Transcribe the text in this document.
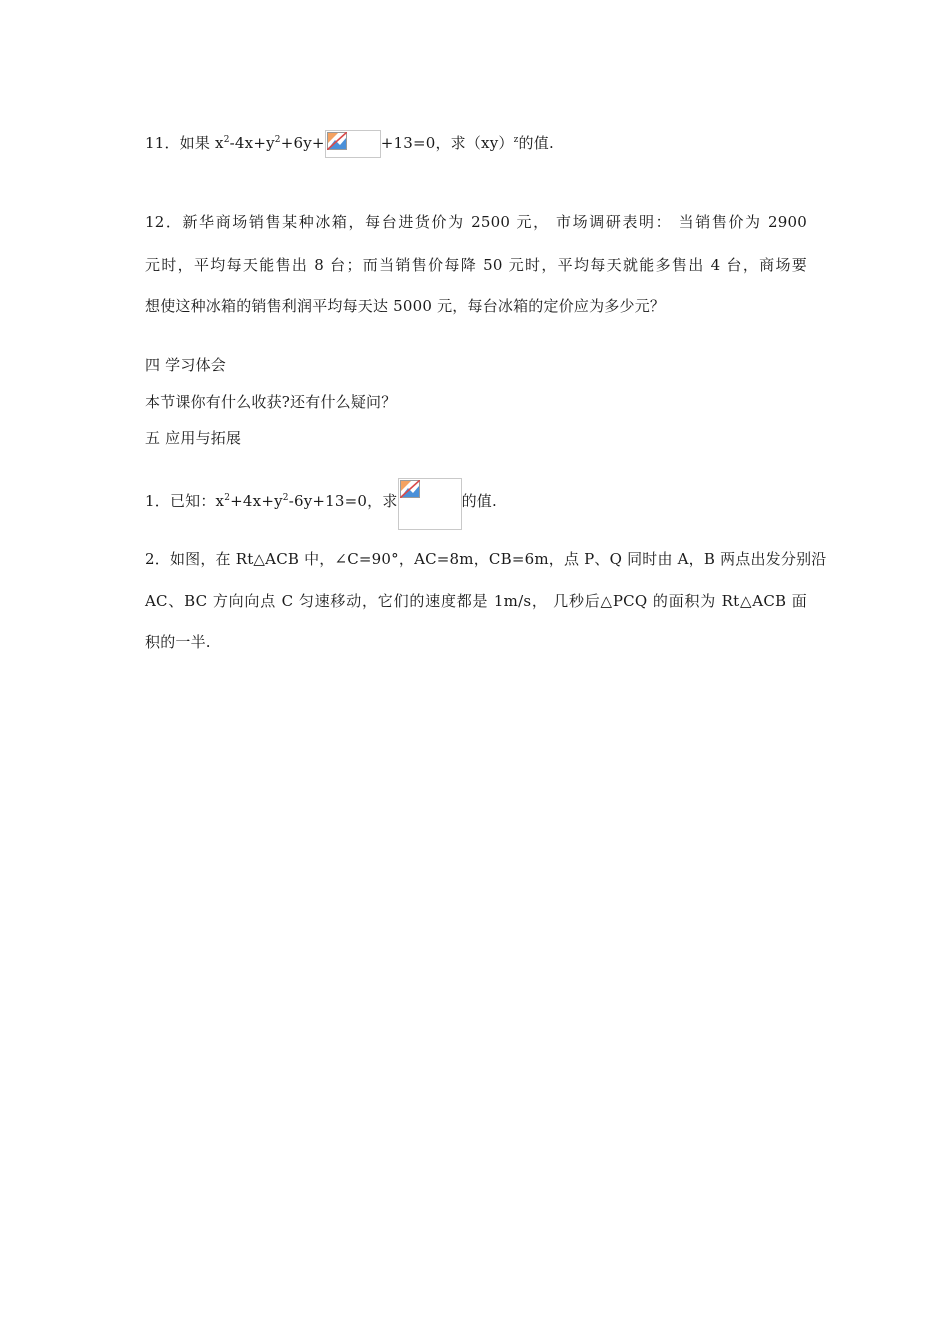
11．如果 $x^2-4x+y^2+6y+$	+13=0，求（xy）$^z$的值.
12．新华商场销售某种冰箱，每台进货价为 2500 元， 市场调研表明： 当销售价为 2900
元时，平均每天能售出 8 台；而当销售价每降 50 元时，平均每天就能多售出 4 台，商场要
想使这种冰箱的销售利润平均每天达 5000 元，每台冰箱的定价应为多少元？
四 学习体会
本节课你有什么收获?还有什么疑问？
五 应用与拓展
1．已知：$x^2+4x+y^2-6y+13=0$，求	的值.
2．如图，在 Rt△ACB 中，∠C=90°，AC=8m，CB=6m，点 P、Q 同时由 A，B 两点出发分别沿
AC、BC 方向向点 C 匀速移动，它们的速度都是 1m/s， 几秒后△PCQ 的面积为 Rt△ACB 面
积的一半.
